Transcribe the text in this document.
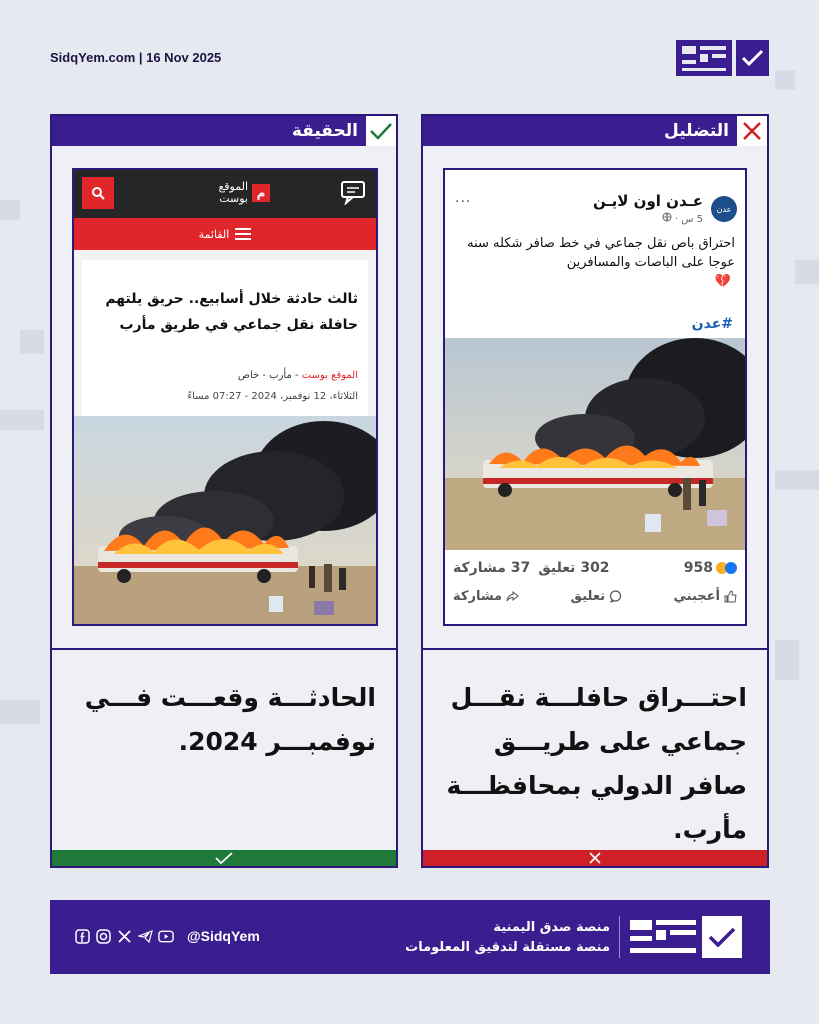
SidqYem.com | 16 Nov 2025
الحقيقة
م
الموقع
بوست
القائمة
ثالث حادثة خلال أسابيع.. حريق يلتهم حافلة نقل جماعي في طريق مأرب
الموقع بوست - مأرب - خاص
الثلاثاء، 12 نوفمبر، 2024 - 07:27 مساءً
الحادثـــة وقعـــت فـــي نوفمبـــر 2024.
التضليل
عدن
عـدن اون لايـن
5 س ·
...
احتراق باص نقل جماعي في خط صافر شكله سنه عوجا على الباصات والمسافرين
💔
#عدن
958
302 تعليق
37 مشاركة
أعجبني
تعليق
مشاركة
احتـــراق حافلـــة نقـــل جماعي على طريـــق صافر الدولي بمحافظـــة مأرب.
@SidqYem
منصة صدق اليمنية
منصة مستقلة لتدقيق المعلومات
